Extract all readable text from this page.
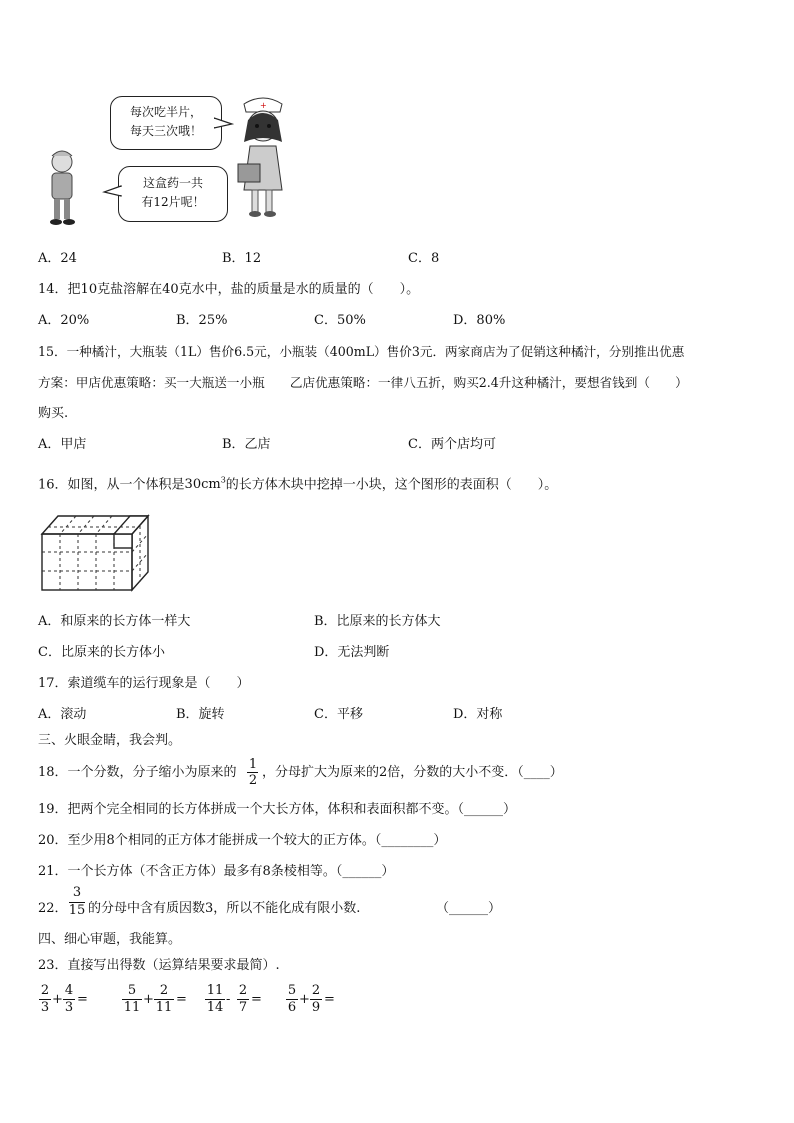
每次吃半片，
每天三次哦！
这盒药一共
有12片呢！
+
A．24	B．12	C．8
14．把10克盐溶解在40克水中，盐的质量是水的质量的（　　）。
A．20%	B．25%	C．50%	D．80%
15．一种橘汁，大瓶装（1L）售价6.5元，小瓶装（400mL）售价3元．两家商店为了促销这种橘汁，分别推出优惠
方案：甲店优惠策略：买一大瓶送一小瓶　　乙店优惠策略：一律八五折，购买2.4升这种橘汁，要想省钱到（　　）
购买.
A．甲店	B．乙店	C．两个店均可
16．如图，从一个体积是$30cm^3$的长方体木块中挖掉一小块，这个图形的表面积（　　）。
A．和原来的长方体一样大	B．比原来的长方体大
C．比原来的长方体小	D．无法判断
17．索道缆车的运行现象是（　　）
A．滚动	B．旋转	C．平移	D．对称
三、火眼金睛，我会判。
18．一个分数，分子缩小为原来的
1
2
，分母扩大为原来的2倍，分数的大小不变．（____）
19．把两个完全相同的长方体拼成一个大长方体，体积和表面积都不变。（______）
20．至少用8个相同的正方体才能拼成一个较大的正方体。（________）
21．一个长方体（不含正方体）最多有8条棱相等。（______）
22．
3
15 的分母中含有质因数3，所以不能化成有限小数.	（______）
四、细心审题，我能算。
23．直接写出得数（运算结果要求最简）.
2
3
+
4
3
=
5
11
+
2
11
=
11
14
-
2
7
=
5
6
+
2
9
=
